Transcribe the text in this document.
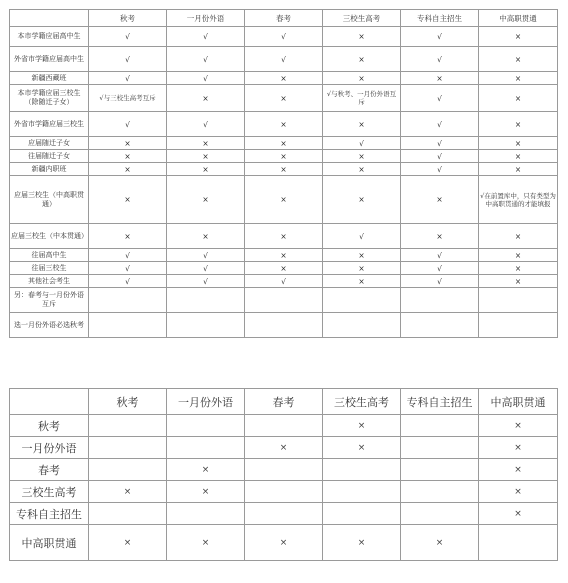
	秋考	一月份外语	春考	三校生高考	专科自主招生	中高职贯通
本市学籍应届高中生	√	√	√	×	√	×
外省市学籍应届高中生	√	√	√	×	√	×
新疆西藏班	√	√	×	×	×	×
本市学籍应届三校生（除随迁子女）	√与三校生高考互斥	×	×	√与秋考、一月份外语互斥	√	×
外省市学籍应届三校生	√	√	×	×	√	×
应届随迁子女	×	×	×	√	√	×
往届随迁子女	×	×	×	×	√	×
新疆内职班	×	×	×	×	√	×
应届三校生（中高职贯通）	×	×	×	×	×	√在前置库中，只有类型为中高职贯通的才能填报
应届三校生（中本贯通）	×	×	×	√	×	×
往届高中生	√	√	×	×	√	×
往届三校生	√	√	×	×	√	×
其他社会考生	√	√	√	×	√	×
另：春考与一月份外语互斥						
选一月份外语必选秋考						
	秋考	一月份外语	春考	三校生高考	专科自主招生	中高职贯通
秋考				×		×
一月份外语			×	×		×
春考		×				×
三校生高考	×	×				×
专科自主招生						×
中高职贯通	×	×	×	×	×	
